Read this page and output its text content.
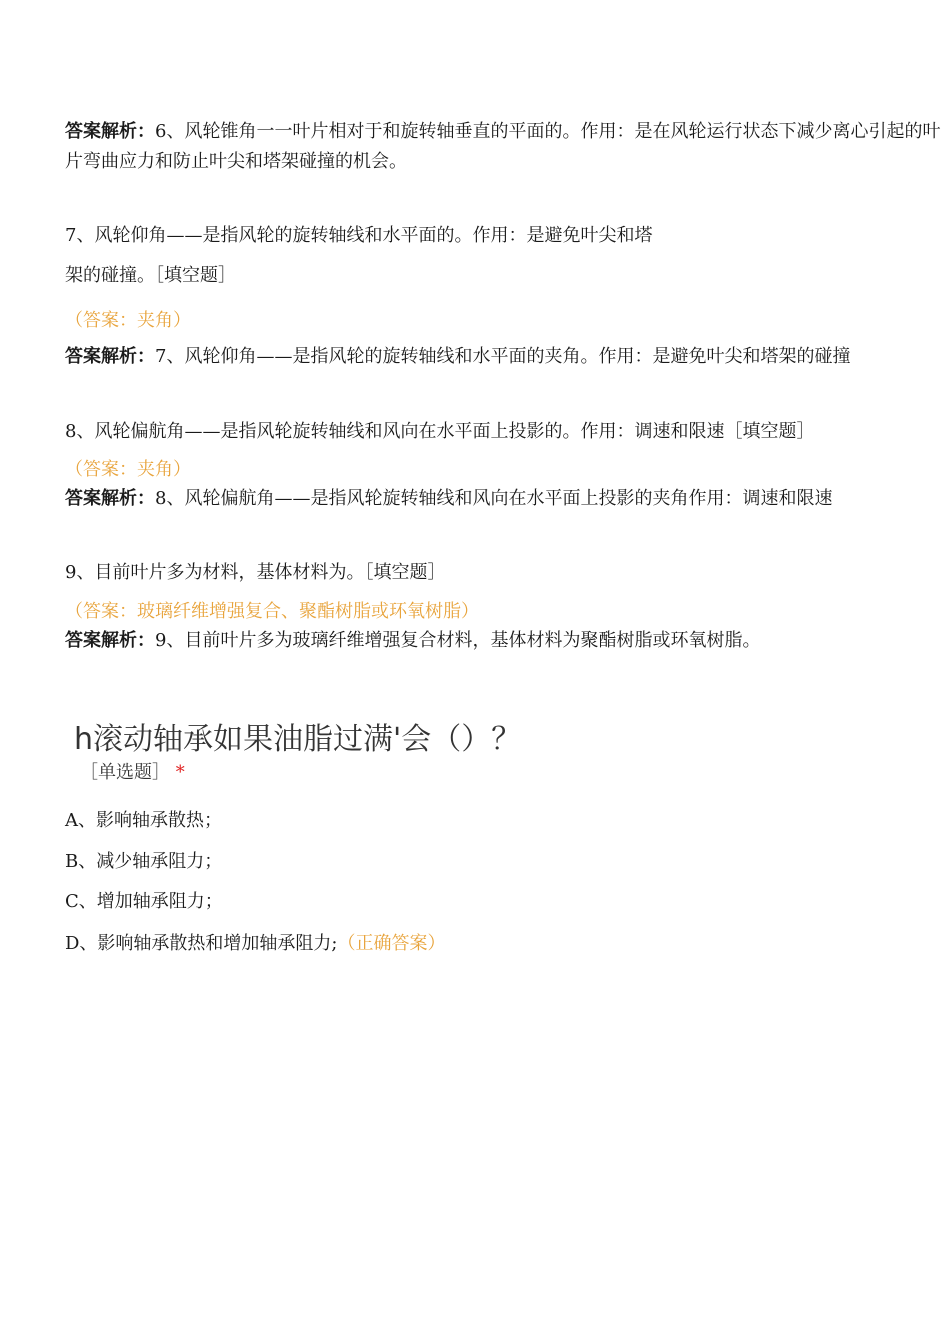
答案解析：6、风轮锥角一一叶片相对于和旋转轴垂直的平面的。作用：是在风轮运行状态下减少离心引起的叶片弯曲应力和防止叶尖和塔架碰撞的机会。
7、风轮仰角——是指风轮的旋转轴线和水平面的。作用：是避免叶尖和塔
架的碰撞。［填空题］
（答案：夹角）
答案解析：7、风轮仰角——是指风轮的旋转轴线和水平面的夹角。作用：是避免叶尖和塔架的碰撞
8、风轮偏航角——是指风轮旋转轴线和风向在水平面上投影的。作用：调速和限速［填空题］
（答案：夹角）
答案解析：8、风轮偏航角——是指风轮旋转轴线和风向在水平面上投影的夹角作用：调速和限速
9、目前叶片多为材料，基体材料为。［填空题］
（答案：玻璃纤维增强复合、聚酯树脂或环氧树脂）
答案解析：9、目前叶片多为玻璃纤维增强复合材料，基体材料为聚酯树脂或环氧树脂。
h滚动轴承如果油脂过满'会（）？
［单选题］ *
A、影响轴承散热；
B、减少轴承阻力；
C、增加轴承阻力；
D、影响轴承散热和增加轴承阻力;（正确答案）
